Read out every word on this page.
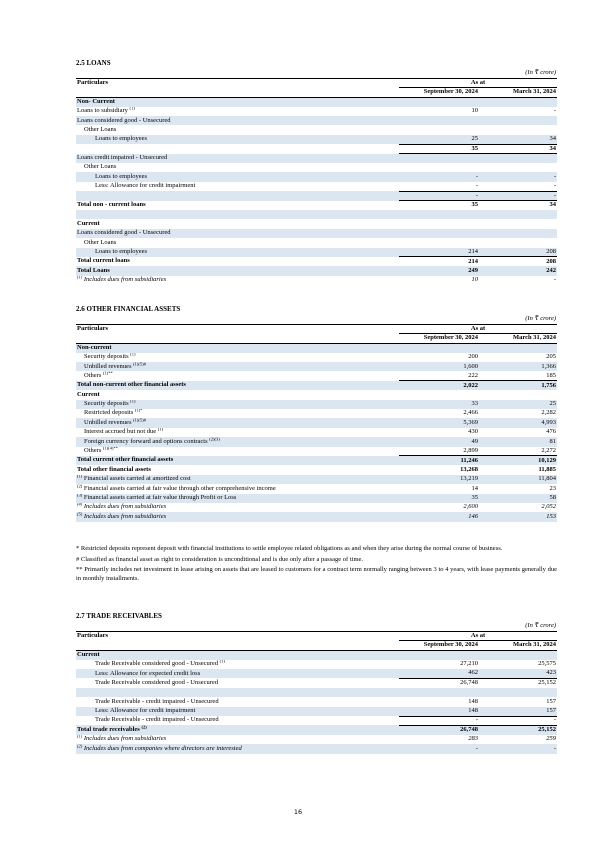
2.5 LOANS
(In ₹ crore)
Particulars	As at	
	September 30, 2024	March 31, 2024
Non- Current		
Loans to subsidiary $^{(1)}$	10	-
Loans considered good - Unsecured		
Other Loans		
Loans to employees	25	34
	35	34
Loans credit impaired - Unsecured		
Other Loans		
Loans to employees	-	-
Less: Allowance for credit impairment	-	-
	-	-
Total non - current loans	35	34

Current		
Loans considered good - Unsecured		
Other Loans		
Loans to employees	214	208
Total current loans	214	208
Total Loans	249	242
$^{(1)}$ Includes dues from subsidiaries	10	-
2.6 OTHER FINANCIAL ASSETS
(In ₹ crore)
Particulars	As at	
	September 30, 2024	March 31, 2024
Non-current		
Security deposits $^{(1)}$	200	205
Unbilled revenues $^{(1)(5)\#}$	1,600	1,366
Others $^{(1)**}$	222	185
Total non-current other financial assets	2,022	1,756
Current		
Security deposits $^{(1)}$	33	25
Restricted deposits $^{(1)*}$	2,466	2,282
Unbilled revenues $^{(1)(5)\#}$	5,369	4,993
Interest accrued but not due $^{(1)}$	430	476
Foreign currency forward and options contracts $^{(2)(3)}$	49	81
Others $^{(1)(4)**}$	2,899	2,272
Total current other financial assets	11,246	10,129
Total other financial assets	13,268	11,885
$^{(1)}$ Financial assets carried at amortized cost	13,219	11,804
$^{(2)}$ Financial assets carried at fair value through other comprehensive income	14	23
$^{(3)}$ Financial assets carried at fair value through Profit or Loss	35	58
$^{(4)}$ Includes dues from subsidiaries	2,600	2,052
$^{(5)}$ Includes dues from subsidiaries	146	153

* Restricted deposits represent deposit with financial institutions to settle employee related obligations as and when they arise during the normal course of business.

# Classified as financial asset as right to consideration is unconditional and is due only after a passage of time.

** Primarily includes net investment in lease arising on assets that are leased to customers for a contract term normally ranging between 3 to 4 years, with lease payments generally due in monthly installments.

2.7 TRADE RECEIVABLES
(In ₹ crore)
Particulars	As at	
	September 30, 2024	March 31, 2024
Current		
Trade Receivable considered good - Unsecured $^{(1)}$	27,210	25,575
Less: Allowance for expected credit loss	462	423
Trade Receivable considered good - Unsecured	26,748	25,152

Trade Receivable - credit impaired - Unsecured	148	157
Less: Allowance for credit impairment	148	157
Trade Receivable - credit impaired - Unsecured	-	-
Total trade receivables $^{(2)}$	26,748	25,152
$^{(1)}$ Includes dues from subsidiaries	283	259
$^{(2)}$ Includes dues from companies where directors are interested	-	-
16
